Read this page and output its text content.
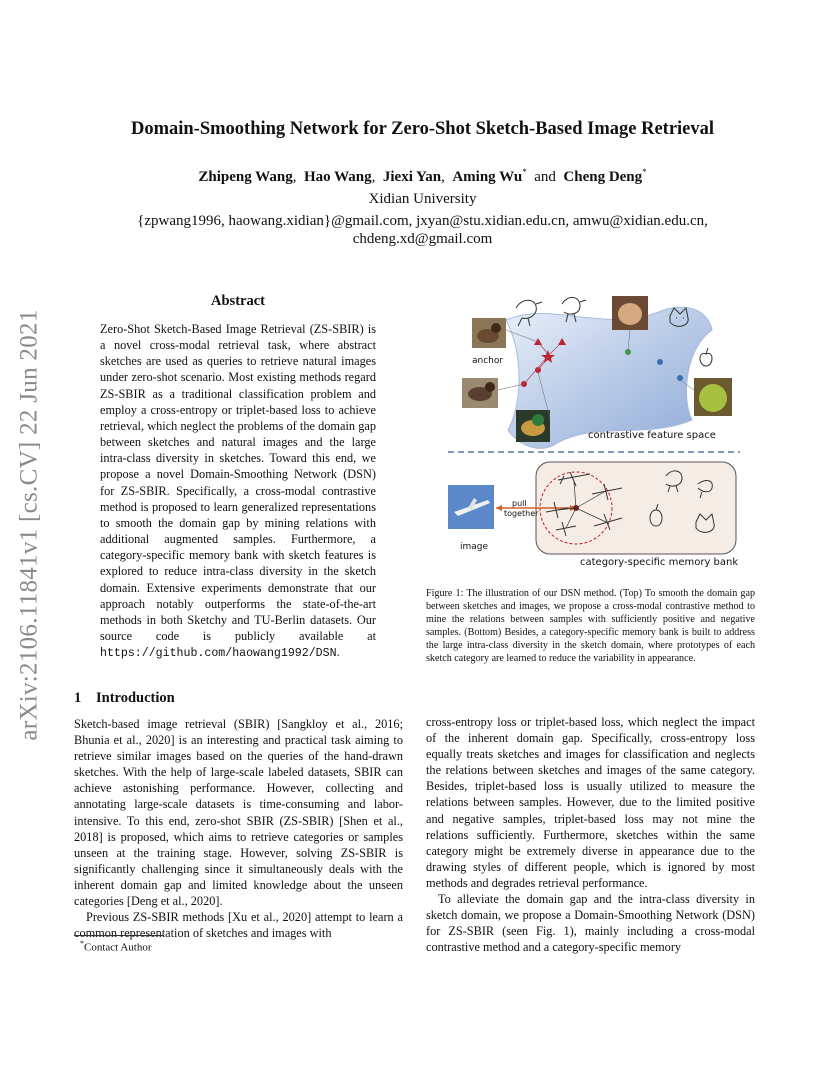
arXiv:2106.11841v1 [cs.CV] 22 Jun 2021
Domain-Smoothing Network for Zero-Shot Sketch-Based Image Retrieval
Zhipeng Wang,  Hao Wang,  Jiexi Yan,  Aming Wu* and Cheng Deng*
Xidian University
{zpwang1996, haowang.xidian}@gmail.com, jxyan@stu.xidian.edu.cn, amwu@xidian.edu.cn,
chdeng.xd@gmail.com
Abstract
Zero-Shot Sketch-Based Image Retrieval (ZS-SBIR) is a novel cross-modal retrieval task, where abstract sketches are used as queries to retrieve natural images under zero-shot scenario. Most existing methods regard ZS-SBIR as a traditional classification problem and employ a cross-entropy or triplet-based loss to achieve retrieval, which neglect the problems of the domain gap between sketches and natural images and the large intra-class diversity in sketches. Toward this end, we propose a novel Domain-Smoothing Network (DSN) for ZS-SBIR. Specifically, a cross-modal contrastive method is proposed to learn generalized representations to smooth the domain gap by mining relations with additional augmented samples. Furthermore, a category-specific memory bank with sketch features is explored to reduce intra-class diversity in the sketch domain. Extensive experiments demonstrate that our approach notably outperforms the state-of-the-art methods in both Sketchy and TU-Berlin datasets. Our source code is publicly available at https://github.com/haowang1992/DSN.
1 Introduction

Sketch-based image retrieval (SBIR) [Sangkloy et al., 2016; Bhunia et al., 2020] is an interesting and practical task aiming to retrieve similar images based on the queries of the hand-drawn sketches. With the help of large-scale labeled datasets, SBIR can achieve astonishing performance. However, collecting and annotating large-scale datasets is time-consuming and labor-intensive. To this end, zero-shot SBIR (ZS-SBIR) [Shen et al., 2018] is proposed, which aims to retrieve categories or samples unseen at the training stage. However, solving ZS-SBIR is significantly challenging since it simultaneously deals with the inherent domain gap and limited knowledge about the unseen categories [Deng et al., 2020].

Previous ZS-SBIR methods [Xu et al., 2020] attempt to learn a common representation of sketches and images with

cross-entropy loss or triplet-based loss, which neglect the impact of the inherent domain gap. Specifically, cross-entropy loss equally treats sketches and images for classification and neglects the relations between sketches and images of the same category. Besides, triplet-based loss is usually utilized to measure the relations between samples. However, due to the limited positive and negative samples, triplet-based loss may not mine the relations sufficiently. Furthermore, sketches within the same category might be extremely diverse in appearance due to the drawing styles of different people, which is ignored by most methods and degrades retrieval performance.

To alleviate the domain gap and the intra-class diversity in sketch domain, we propose a Domain-Smoothing Network (DSN) for ZS-SBIR (seen Fig. 1), mainly including a cross-modal contrastive method and a category-specific memory

*Contact Author
anchor
contrastive feature space
pull
together
image
category-specific memory bank
Figure 1: The illustration of our DSN method. (Top) To smooth the domain gap between sketches and images, we propose a cross-modal contrastive method to mine the relations between samples with sufficiently positive and negative samples. (Bottom) Besides, a category-specific memory bank is built to address the large intra-class diversity in the sketch domain, where prototypes of each sketch category are learned to reduce the variability in appearance.
